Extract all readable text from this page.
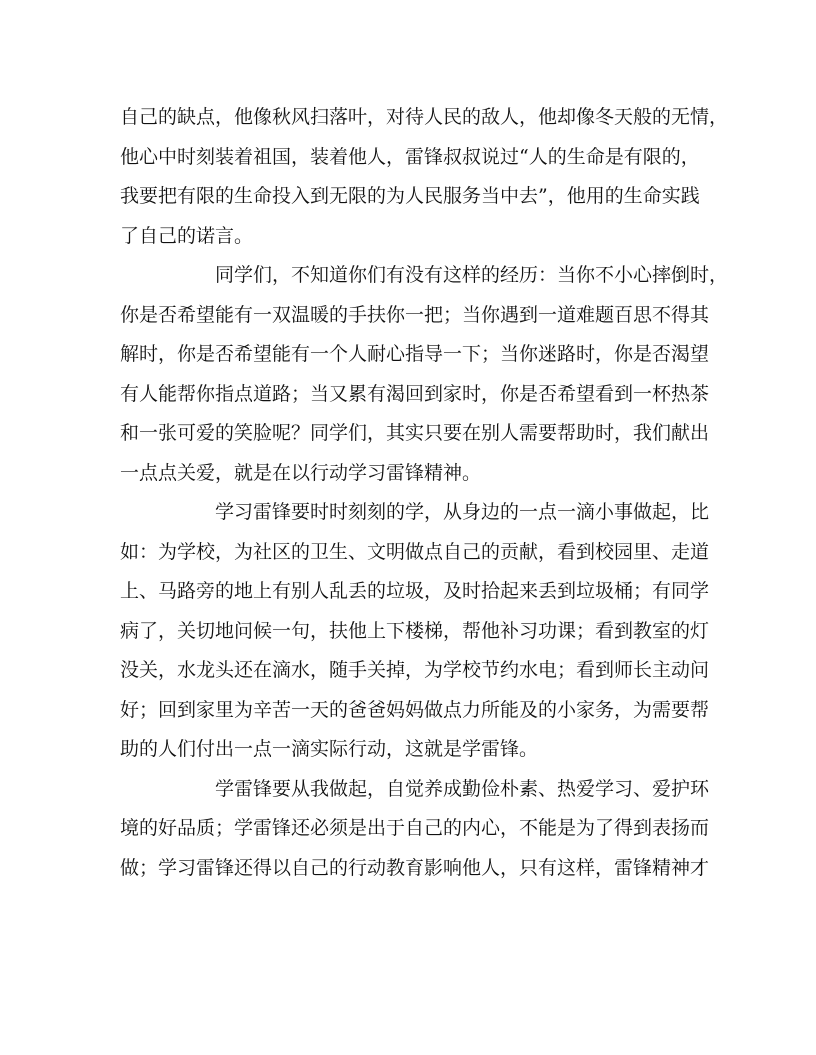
自己的缺点，他像秋风扫落叶，对待人民的敌人，他却像冬天般的无情，
他心中时刻装着祖国，装着他人，雷锋叔叔说过“人的生命是有限的，
我要把有限的生命投入到无限的为人民服务当中去”，他用的生命实践
了自己的诺言。
同学们，不知道你们有没有这样的经历：当你不小心摔倒时，
你是否希望能有一双温暖的手扶你一把；当你遇到一道难题百思不得其
解时，你是否希望能有一个人耐心指导一下；当你迷路时，你是否渴望
有人能帮你指点道路；当又累有渴回到家时，你是否希望看到一杯热茶
和一张可爱的笑脸呢？同学们，其实只要在别人需要帮助时，我们献出
一点点关爱，就是在以行动学习雷锋精神。
学习雷锋要时时刻刻的学，从身边的一点一滴小事做起，比
如：为学校，为社区的卫生、文明做点自己的贡献，看到校园里、走道
上、马路旁的地上有别人乱丢的垃圾，及时拾起来丢到垃圾桶；有同学
病了，关切地问候一句，扶他上下楼梯，帮他补习功课；看到教室的灯
没关，水龙头还在滴水，随手关掉，为学校节约水电；看到师长主动问
好；回到家里为辛苦一天的爸爸妈妈做点力所能及的小家务，为需要帮
助的人们付出一点一滴实际行动，这就是学雷锋。
学雷锋要从我做起，自觉养成勤俭朴素、热爱学习、爱护环
境的好品质；学雷锋还必须是出于自己的内心，不能是为了得到表扬而
做；学习雷锋还得以自己的行动教育影响他人，只有这样，雷锋精神才
